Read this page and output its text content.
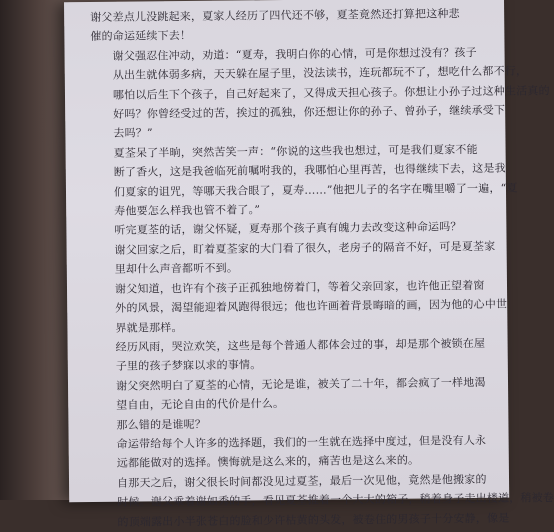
谢父差点儿没跳起来，夏家人经历了四代还不够，夏荃竟然还打算把这种悲
催的命运延续下去！
谢父强忍住冲动，劝道：“夏寿，我明白你的心情，可是你想过没有？孩子
从出生就体弱多病，天天躲在屋子里，没法读书，连玩都玩不了，想吃什么都不行，
哪怕以后生下个孩子，自己好起来了，又得成天担心孩子。你想让小孙子过这种生活真的
好吗？你曾经受过的苦，挨过的孤独，你还想让你的孙子、曾孙子，继续承受下
去吗？”
夏荃呆了半晌，突然苦笑一声：“你说的这些我也想过，可是我们夏家不能
断了香火，这是我爸临死前嘱咐我的，我哪怕心里再苦，也得继续下去，这是我
们夏家的诅咒，等哪天我合眼了，夏寿……”他把儿子的名字在嘴里嚼了一遍，“夏
寿他要怎么样我也管不着了。”
听完夏荃的话，谢父怀疑，夏寿那个孩子真有魄力去改变这种命运吗？
谢父回家之后，盯着夏荃家的大门看了很久，老房子的隔音不好，可是夏荃家
里却什么声音都听不到。
谢父知道，也许有个孩子正孤独地傍着门，等着父亲回家，也许他正望着窗
外的风景，渴望能迎着风跑得很远；他也许画着背景晦暗的画，因为他的心中世
界就是那样。
经历风雨，哭泣欢笑，这些是每个普通人都体会过的事，却是那个被锁在屋
子里的孩子梦寐以求的事情。
谢父突然明白了夏荃的心情，无论是谁，被关了二十年，都会疯了一样地渴
望自由，无论自由的代价是什么。
那么错的是谁呢？
命运带给每个人许多的选择题，我们的一生就在选择中度过，但是没有人永
远都能做对的选择。懊悔就是这么来的，痛苦也是这么来的。
自那天之后，谢父很长时间都没见过夏荃，最后一次见他，竟然是他搬家的
时候。谢父乘着谢如秀的手，看见夏荃推着一个大大的箱子，稍着身子走出楼道，稍被卷
的顶端露出小半张苍白的脸和少许枯黄的头发，被卷住的男孩子十分安静，像是
